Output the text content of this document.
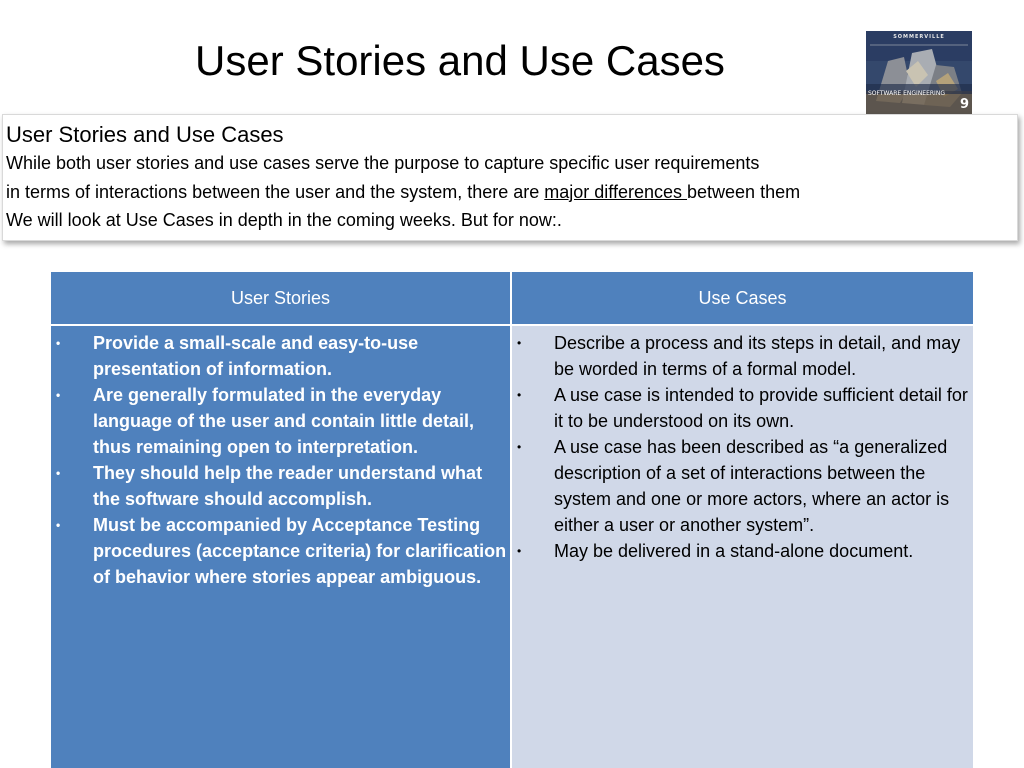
User Stories and Use Cases	SOMMERVILLE
SOFTWARE ENGINEERING
9
User Stories and Use Cases
While both user stories and use cases serve the purpose to capture specific user requirements
in terms of interactions between the user and the system, there are major differences between them
We will look at Use Cases in depth in the coming weeks. But for now:.
User Stories	Use Cases
• Provide a small-scale and easy-to-use presentation of information.
• Are generally formulated in the everyday language of the user and contain little detail, thus remaining open to interpretation.
• They should help the reader understand what the software should accomplish.
• Must be accompanied by Acceptance Testing procedures (acceptance criteria) for clarification of behavior where stories appear ambiguous.
• Describe a process and its steps in detail, and may be worded in terms of a formal model.
• A use case is intended to provide sufficient detail for it to be understood on its own.
• A use case has been described as “a generalized description of a set of interactions between the system and one or more actors, where an actor is either a user or another system”.
• May be delivered in a stand-alone document.
